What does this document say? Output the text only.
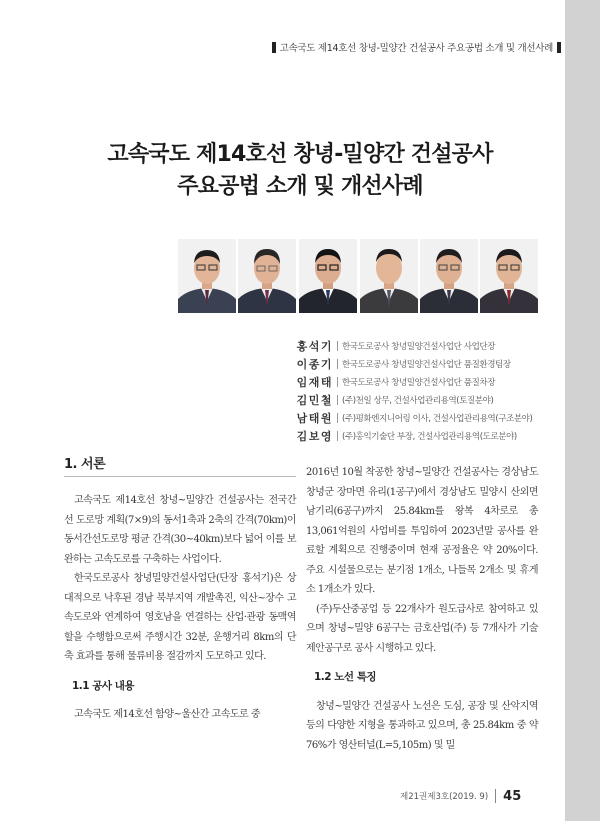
고속국도 제14호선 창녕-밀양간 건설공사 주요공법 소개 및 개선사례
고속국도 제14호선 창녕-밀양간 건설공사
주요공법 소개 및 개선사례
홍석기 한국도로공사 창녕밀양건설사업단 사업단장
이종기 한국도로공사 창녕밀양건설사업단 품질환경팀장
임재태 한국도로공사 창녕밀양건설사업단 품질차장
김민철 (주)천일 상무, 건설사업관리용역(토질분야)
남태원 (주)평화엔지니어링 이사, 건설사업관리용역(구조분야)
김보영 (주)홍익기술단 부장, 건설사업관리용역(도로분야)
1. 서론

고속국도 제14호선 창녕~밀양간 건설공사는 전국간선 도로망 계획(7×9)의 동서1축과 2축의 간격(70km)이 동서간선도로망 평균 간격(30~40km)보다 넓어 이를 보완하는 고속도로를 구축하는 사업이다.

한국도로공사 창녕밀양건설사업단(단장 홍석기)은 상대적으로 낙후된 경남 북부지역 개발촉진, 익산~장수 고속도로와 연계하여 영호남을 연결하는 산업·관광 동맥역할을 수행함으로써 주행시간 32분, 운행거리 8km의 단축 효과를 통해 물류비용 절감까지 도모하고 있다.

1.1 공사 내용

고속국도 제14호선 함양~울산간 고속도로 중

2016년 10월 착공한 창녕~밀양간 건설공사는 경상남도 창녕군 장마면 유리(1공구)에서 경상남도 밀양시 산외면 남기리(6공구)까지 25.84km를 왕복 4차로로 총 13,061억원의 사업비를 투입하여 2023년말 공사를 완료할 계획으로 진행중이며 현재 공정율은 약 20%이다. 주요 시설물으로는 분기점 1개소, 나들목 2개소 및 휴게소 1개소가 있다.

(주)두산중공업 등 22개사가 원도급사로 참여하고 있으며 창녕~밀양 6공구는 금호산업(주) 등 7개사가 기술제안공구로 공사 시행하고 있다.

1.2 노선 특징

창녕~밀양간 건설공사 노선은 도심, 공장 및 산악지역 등의 다양한 지형을 통과하고 있으며, 총 25.84km 중 약 76%가 영산터널(L=5,105m) 및 밀

제21권제3호(2019. 9) 45
